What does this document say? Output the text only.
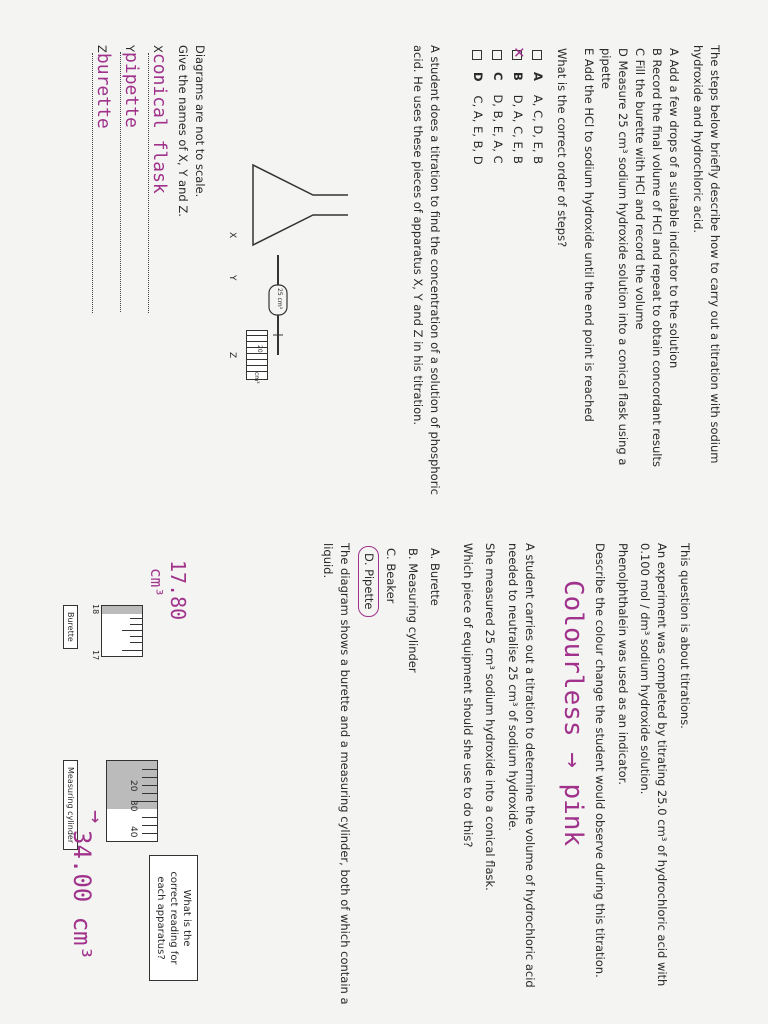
The steps below briefly describe how to carry out a titration with sodium
hydroxide and hydrochloric acid.
A Add a few drops of a suitable indicator to the solution
B Record the final volume of HCl and repeat to obtain concordant results
C Fill the burette with HCl and record the volume
D Measure 25 cm³ sodium hydroxide solution into a conical flask using a
pipette
E Add the HCl to sodium hydroxide until the end point is reached
What is the correct order of steps?
AA, C, D, E, B
✕
BD, A, C, E, B
CD, B, E, A, C
DC, A, E, B, D
A student does a titration to find the concentration of a solution of phosphoric
acid. He uses these pieces of apparatus X, Y and Z in his titration.
X
25 cm³
Y
20
cm³
Z
Diagrams are not to scale.
Give the names of X, Y and Z.
Xconical flask
Ypipette
Zburette
This question is about titrations.
An experiment was completed by titrating 25.0 cm³ of hydrochloric acid with
0.100 mol / dm³ sodium hydroxide solution.
Phenolphthalein was used as an indicator.
Describe the colour change the student would observe during this titration.
Colourless → pink
A student carries out a titration to determine the volume of hydrochloric acid
needed to neutralise 25 cm³ of sodium hydroxide.
She measured 25 cm³ sodium hydroxide into a conical flask.
Which piece of equipment should she use to do this?
A. Burette
B. Measuring cylinder
C. Beaker
D. Pipette
The diagram shows a burette and a measuring cylinder, both of which contain a
liquid.
What is the
correct reading for
each apparatus?
17.80
cm³
17
18
Burette
20
30
40
Measuring cylinder →
34.00 cm³
